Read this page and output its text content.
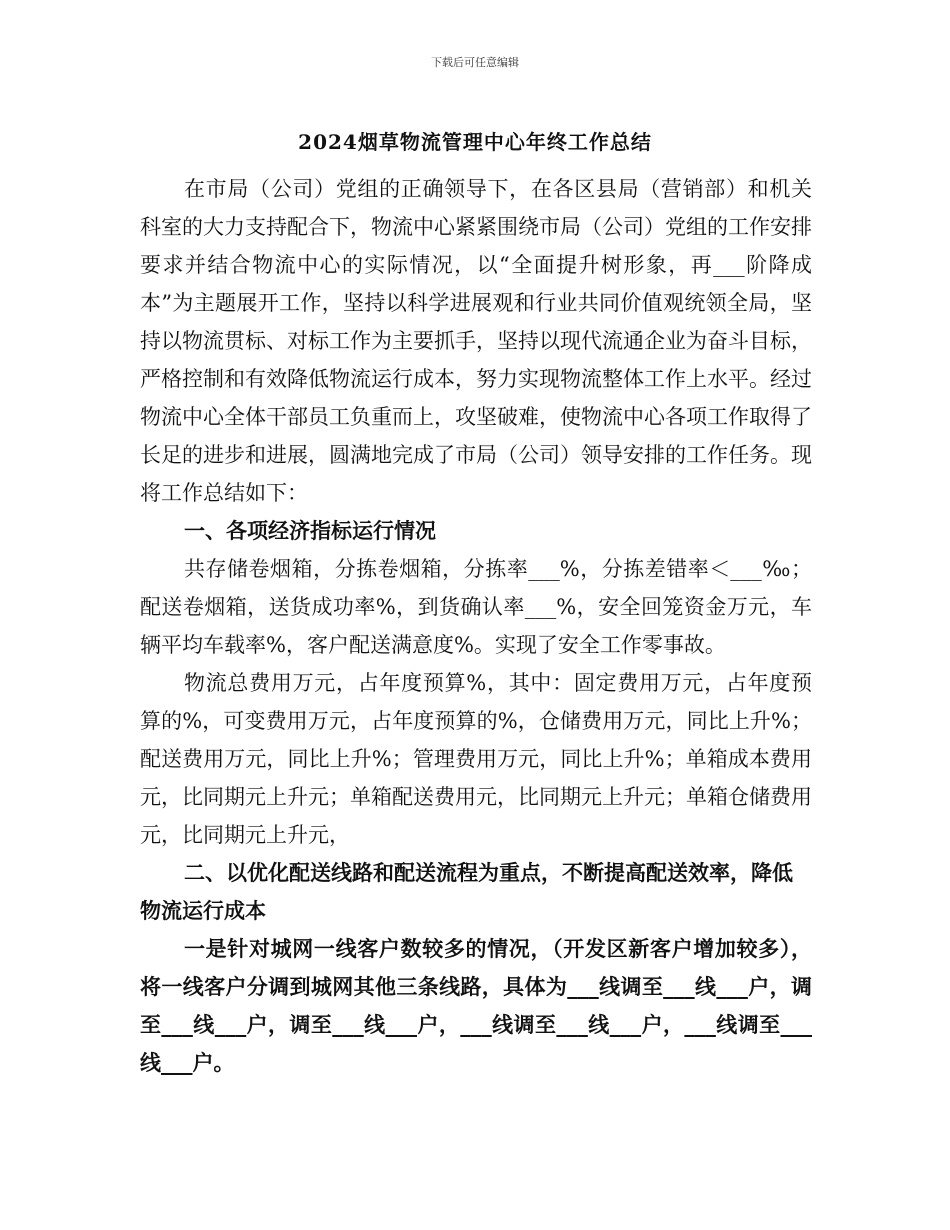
下载后可任意编辑
2024烟草物流管理中心年终工作总结

在市局（公司）党组的正确领导下，在各区县局（营销部）和机关科室的大力支持配合下，物流中心紧紧围绕市局（公司）党组的工作安排要求并结合物流中心的实际情况，以“全面提升树形象，再___阶降成本”为主题展开工作，坚持以科学进展观和行业共同价值观统领全局，坚持以物流贯标、对标工作为主要抓手，坚持以现代流通企业为奋斗目标，严格控制和有效降低物流运行成本，努力实现物流整体工作上水平。经过物流中心全体干部员工负重而上，攻坚破难，使物流中心各项工作取得了长足的进步和进展，圆满地完成了市局（公司）领导安排的工作任务。现将工作总结如下：

一、各项经济指标运行情况

共存储卷烟箱，分拣卷烟箱，分拣率___%，分拣差错率＜___‰；配送卷烟箱，送货成功率%，到货确认率___%，安全回笼资金万元，车辆平均车载率%，客户配送满意度%。实现了安全工作零事故。

物流总费用万元，占年度预算%，其中：固定费用万元，占年度预算的%，可变费用万元，占年度预算的%，仓储费用万元，同比上升%；配送费用万元，同比上升%；管理费用万元，同比上升%；单箱成本费用元，比同期元上升元；单箱配送费用元，比同期元上升元；单箱仓储费用元，比同期元上升元，

二、以优化配送线路和配送流程为重点，不断提高配送效率，降低物流运行成本

一是针对城网一线客户数较多的情况，（开发区新客户增加较多），将一线客户分调到城网其他三条线路，具体为___线调至___线___户，调至___线___户，调至___线___户，___线调至___线___户，___线调至___线___户。
